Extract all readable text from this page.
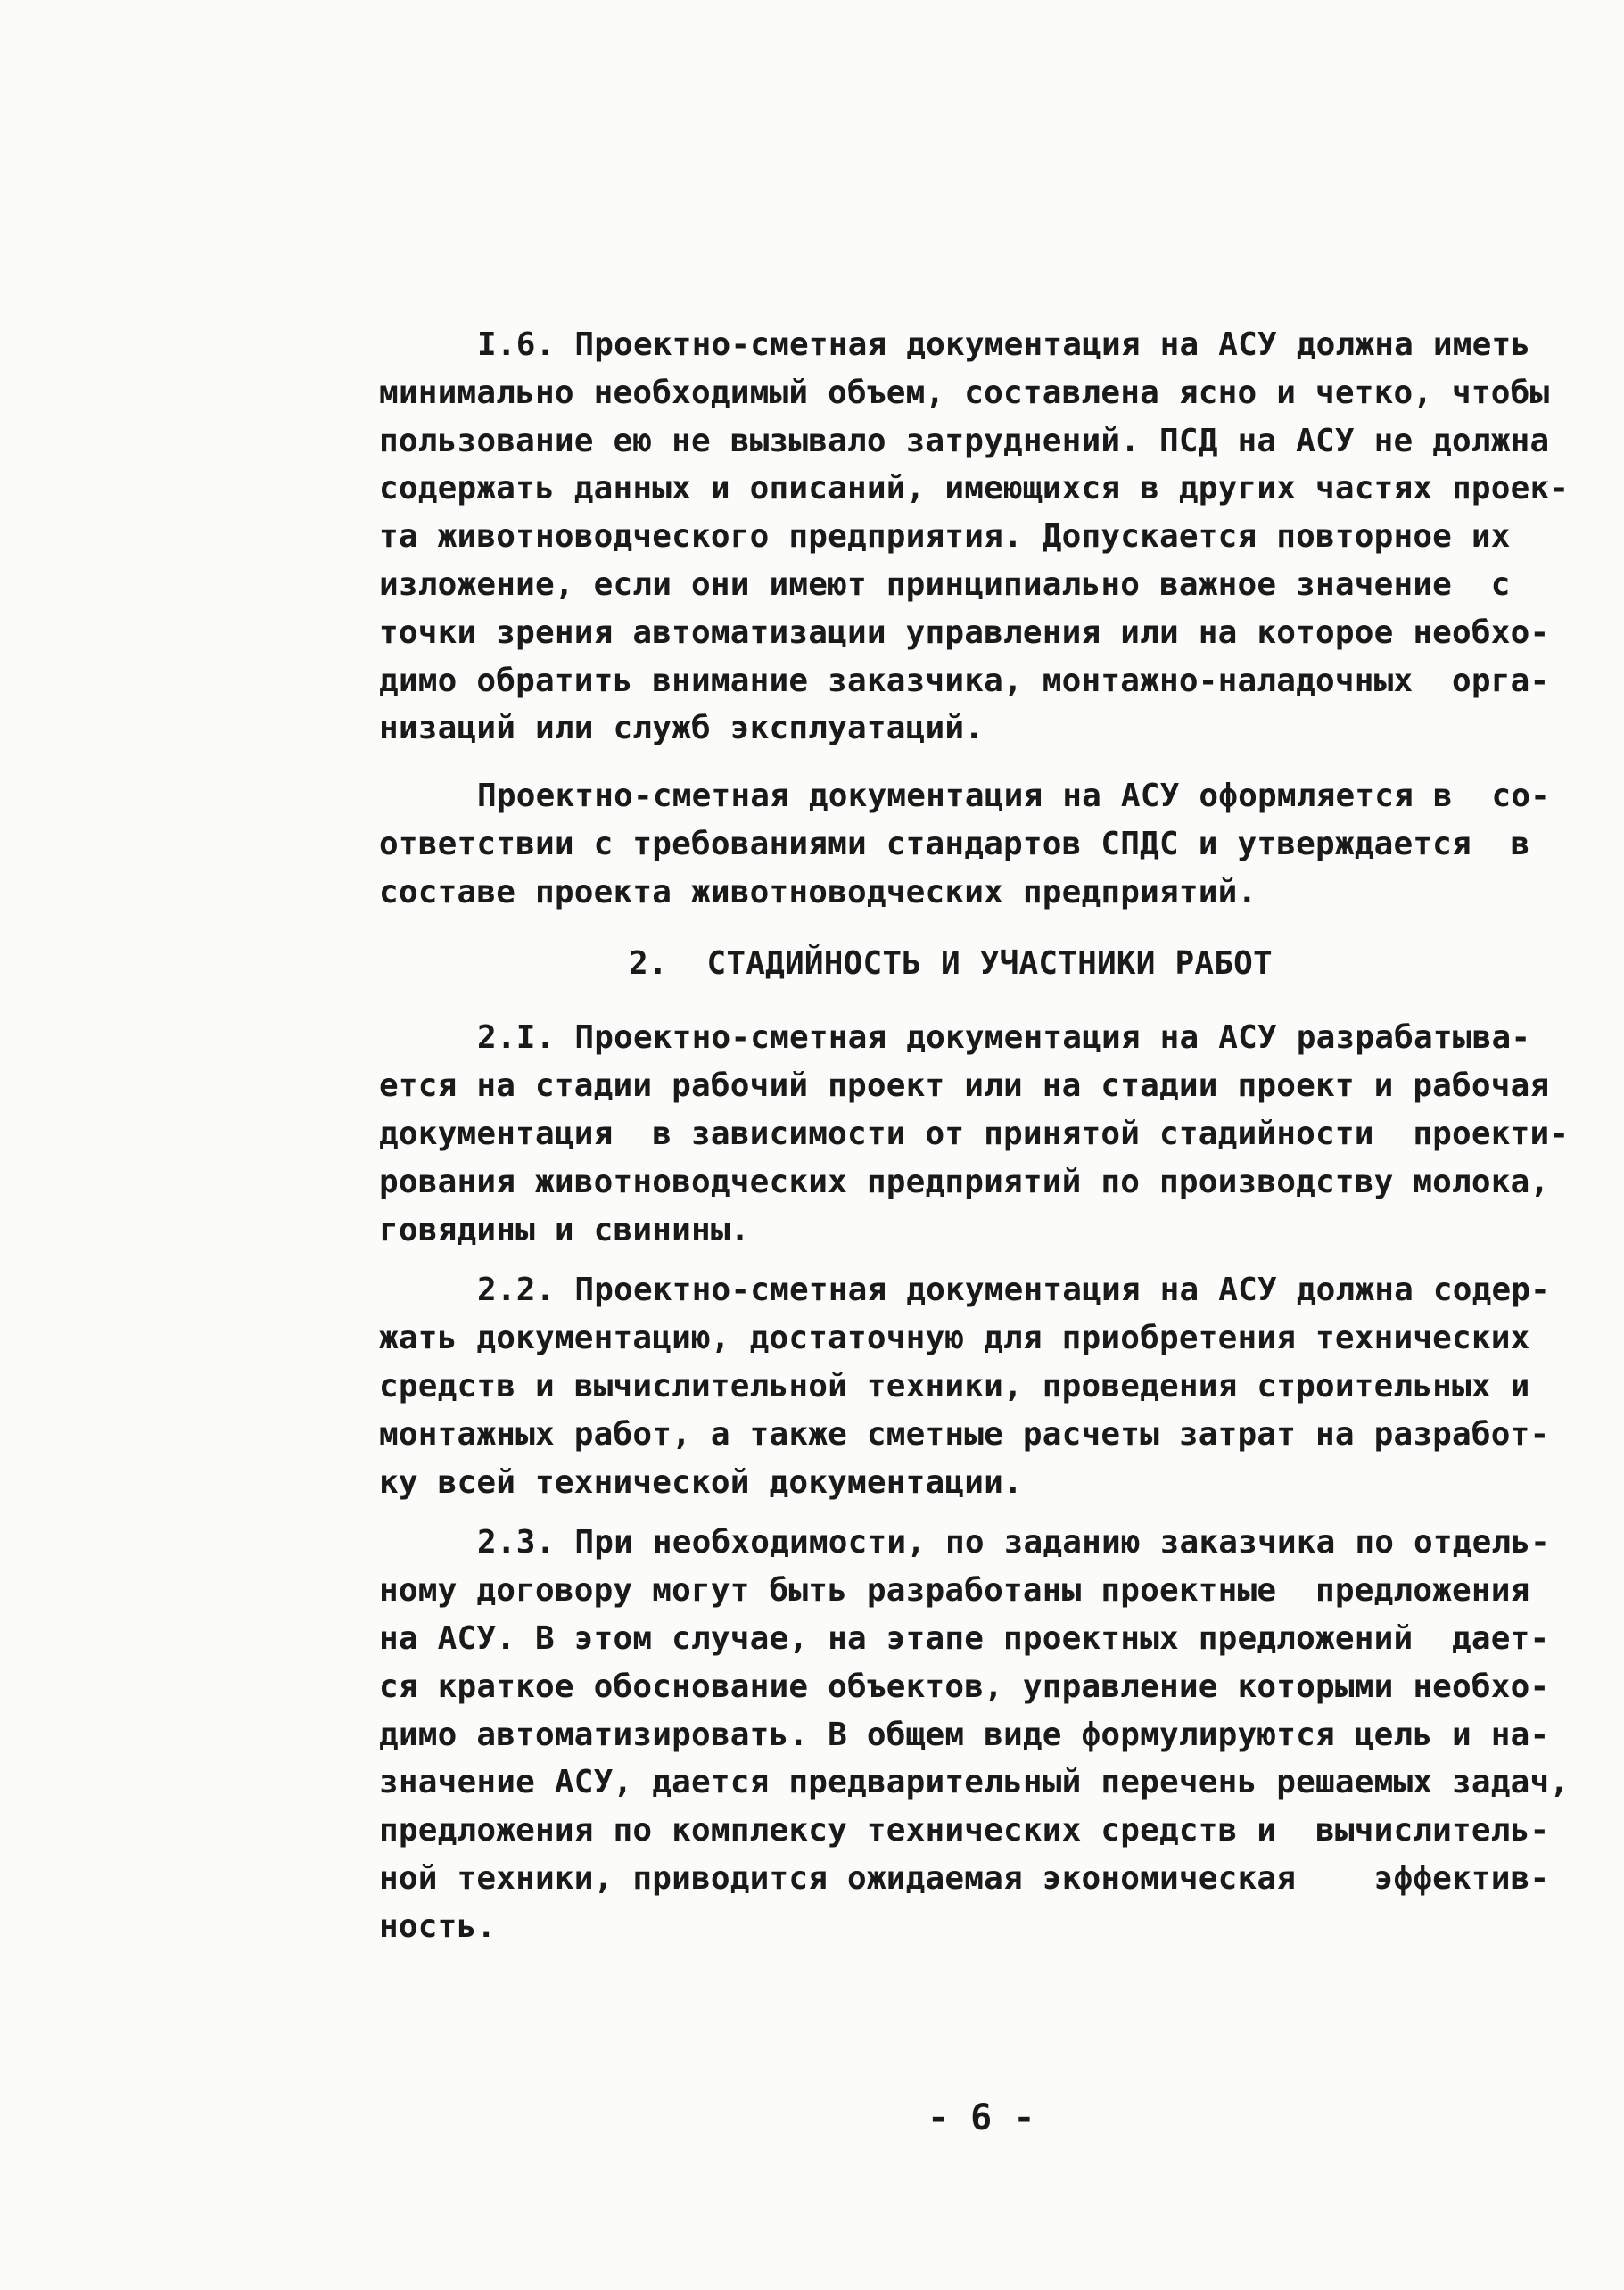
I.6. Проектно-сметная документация на АСУ должна иметь
минимально необходимый объем, составлена ясно и четко, чтобы
пользование ею не вызывало затруднений. ПСД на АСУ не должна
содержать данных и описаний, имеющихся в других частях проек-
та животноводческого предприятия. Допускается повторное их
изложение, если они имеют принципиально важное значение  с
точки зрения автоматизации управления или на которое необхо-
димо обратить внимание заказчика, монтажно-наладочных  орга-
низаций или служб эксплуатаций.
Проектно-сметная документация на АСУ оформляется в  со-
ответствии с требованиями стандартов СПДС и утверждается  в
составе проекта животноводческих предприятий.
2.  СТАДИЙНОСТЬ И УЧАСТНИКИ РАБОТ
2.I. Проектно-сметная документация на АСУ разрабатыва-
ется на стадии рабочий проект или на стадии проект и рабочая
документация  в зависимости от принятой стадийности  проекти-
рования животноводческих предприятий по производству молока,
говядины и свинины.
2.2. Проектно-сметная документация на АСУ должна содер-
жать документацию, достаточную для приобретения технических
средств и вычислительной техники, проведения строительных и
монтажных работ, а также сметные расчеты затрат на разработ-
ку всей технической документации.
2.3. При необходимости, по заданию заказчика по отдель-
ному договору могут быть разработаны проектные  предложения
на АСУ. В этом случае, на этапе проектных предложений  дает-
ся краткое обоснование объектов, управление которыми необхо-
димо автоматизировать. В общем виде формулируются цель и на-
значение АСУ, дается предварительный перечень решаемых задач,
предложения по комплексу технических средств и  вычислитель-
ной техники, приводится ожидаемая экономическая    эффектив-
ность.
- 6 -
